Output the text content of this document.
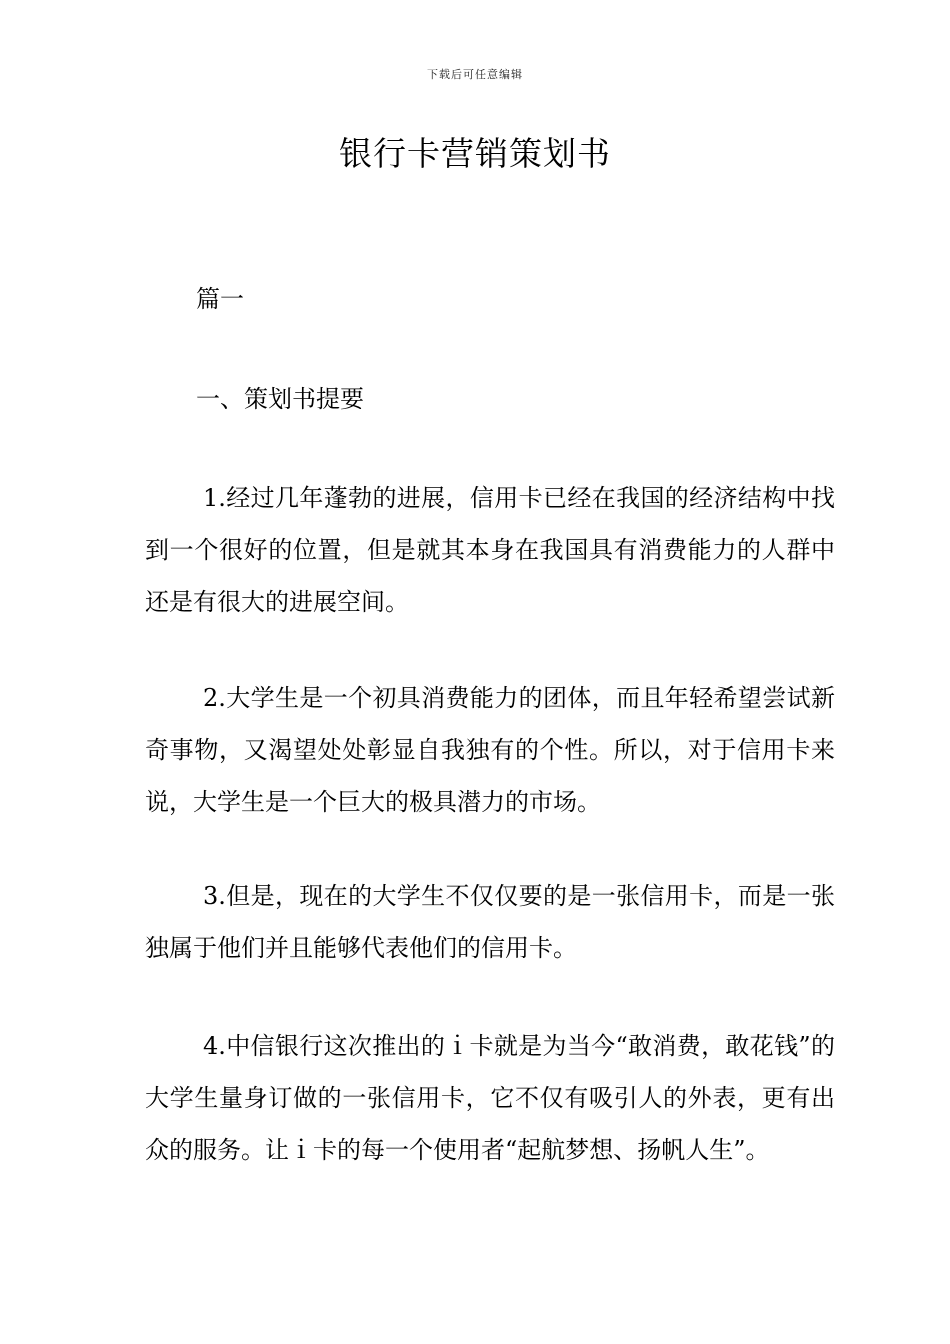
下载后可任意编辑
银行卡营销策划书

篇一

一、策划书提要

1.经过几年蓬勃的进展，信用卡已经在我国的经济结构中找到一个很好的位置，但是就其本身在我国具有消费能力的人群中还是有很大的进展空间。

2.大学生是一个初具消费能力的团体，而且年轻希望尝试新奇事物，又渴望处处彰显自我独有的个性。所以，对于信用卡来说，大学生是一个巨大的极具潜力的市场。

3.但是，现在的大学生不仅仅要的是一张信用卡，而是一张独属于他们并且能够代表他们的信用卡。

4.中信银行这次推出的ｉ卡就是为当今“敢消费，敢花钱”的大学生量身订做的一张信用卡，它不仅有吸引人的外表，更有出众的服务。让ｉ卡的每一个使用者“起航梦想、扬帆人生”。
